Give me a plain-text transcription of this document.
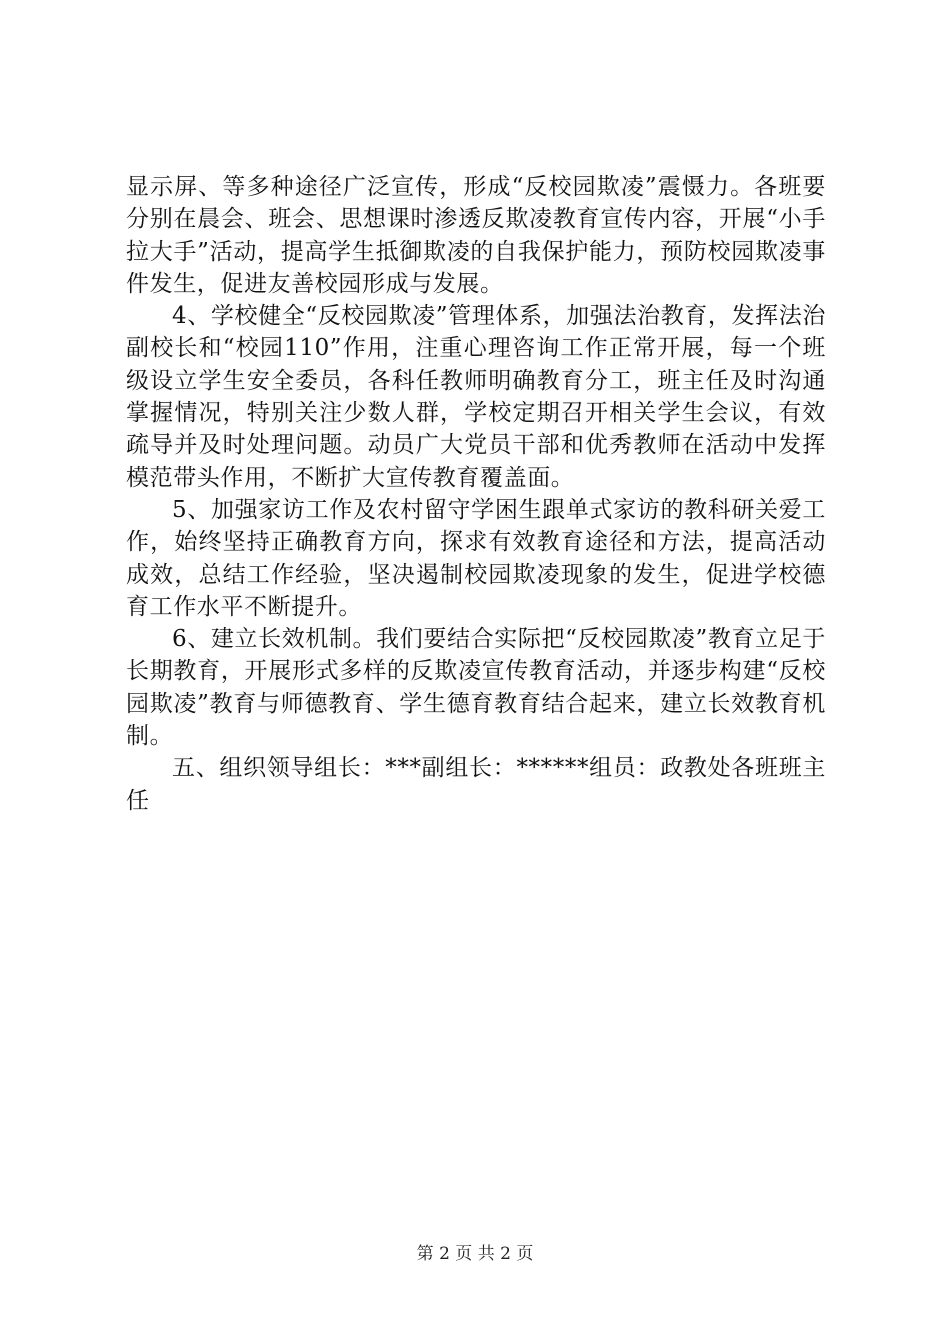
显示屏、等多种途径广泛宣传，形成“反校园欺凌”震慑力。各班要分别在晨会、班会、思想课时渗透反欺凌教育宣传内容，开展“小手拉大手”活动，提高学生抵御欺凌的自我保护能力，预防校园欺凌事件发生，促进友善校园形成与发展。

4、学校健全“反校园欺凌”管理体系，加强法治教育，发挥法治副校长和“校园110”作用，注重心理咨询工作正常开展，每一个班级设立学生安全委员，各科任教师明确教育分工，班主任及时沟通掌握情况，特别关注少数人群，学校定期召开相关学生会议，有效疏导并及时处理问题。动员广大党员干部和优秀教师在活动中发挥模范带头作用，不断扩大宣传教育覆盖面。

5、加强家访工作及农村留守学困生跟单式家访的教科研关爱工作，始终坚持正确教育方向，探求有效教育途径和方法，提高活动成效，总结工作经验，坚决遏制校园欺凌现象的发生，促进学校德育工作水平不断提升。

6、建立长效机制。我们要结合实际把“反校园欺凌”教育立足于长期教育，开展形式多样的反欺凌宣传教育活动，并逐步构建“反校园欺凌”教育与师德教育、学生德育教育结合起来，建立长效教育机制。

五、组织领导组长：***副组长：******组员：政教处各班班主任

第 2 页 共 2 页
